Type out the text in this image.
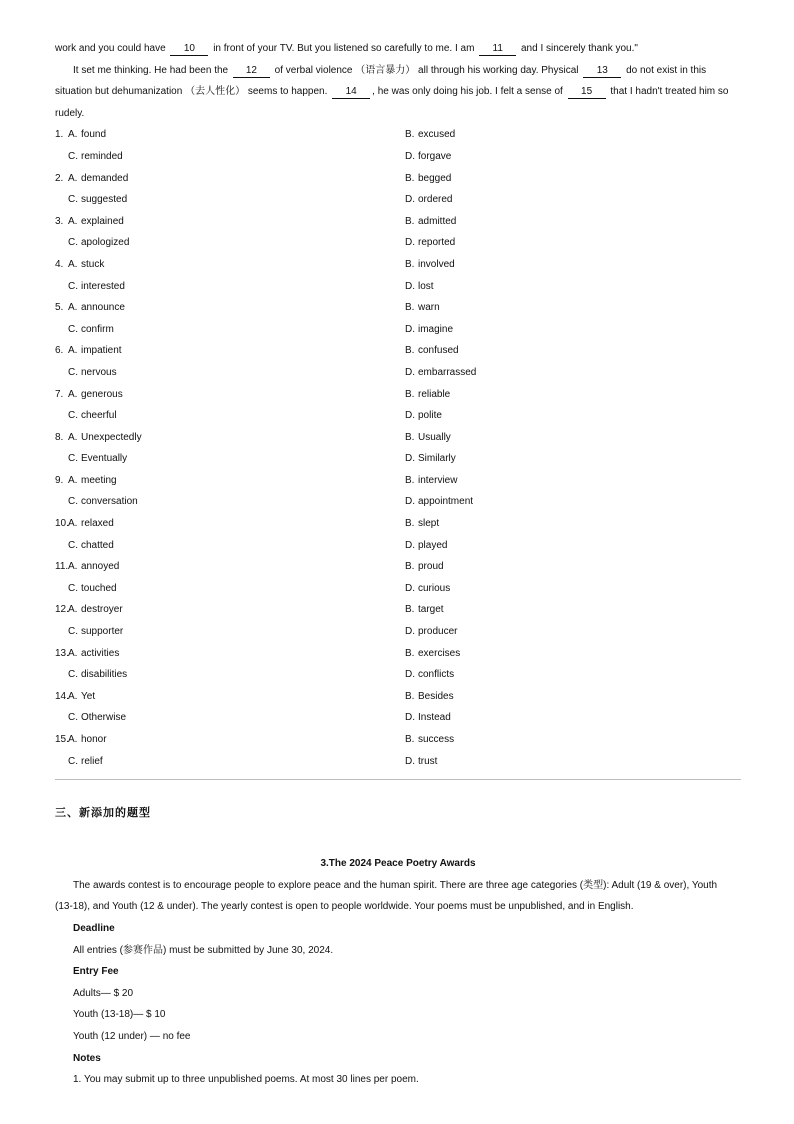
work and you could have 10 in front of your TV. But you listened so carefully to me. I am 11 and I sincerely thank you."
It set me thinking. He had been the 12 of verbal violence （语言暴力） all through his working day. Physical 13 do not exist in this
situation but dehumanization （去人性化） seems to happen. 14 , he was only doing his job. I felt a sense of 15 that I hadn't treated him so
rudely.
1. A. found	B. excused
C. reminded	D. forgave
2. A. demanded	B. begged
C. suggested	D. ordered
3. A. explained	B. admitted
C. apologized	D. reported
4. A. stuck	B. involved
C. interested	D. lost
5. A. announce	B. warn
C. confirm	D. imagine
6. A. impatient	B. confused
C. nervous	D. embarrassed
7. A. generous	B. reliable
C. cheerful	D. polite
8. A. Unexpectedly	B. Usually
C. Eventually	D. Similarly
9. A. meeting	B. interview
C. conversation	D. appointment
10. A. relaxed	B. slept
C. chatted	D. played
11. A. annoyed	B. proud
C. touched	D. curious
12. A. destroyer	B. target
C. supporter	D. producer
13. A. activities	B. exercises
C. disabilities	D. conflicts
14. A. Yet	B. Besides
C. Otherwise	D. Instead
15. A. honor	B. success
C. relief	D. trust
三、新添加的题型
3.The 2024 Peace Poetry Awards
The awards contest is to encourage people to explore peace and the human spirit. There are three age categories (类型): Adult (19 & over), Youth
(13-18), and Youth (12 & under). The yearly contest is open to people worldwide. Your poems must be unpublished, and in English.
Deadline
All entries (参赛作品) must be submitted by June 30, 2024.
Entry Fee
Adults— $ 20
Youth (13-18)— $ 10
Youth (12 under) — no fee
Notes
1. You may submit up to three unpublished poems. At most 30 lines per poem.
